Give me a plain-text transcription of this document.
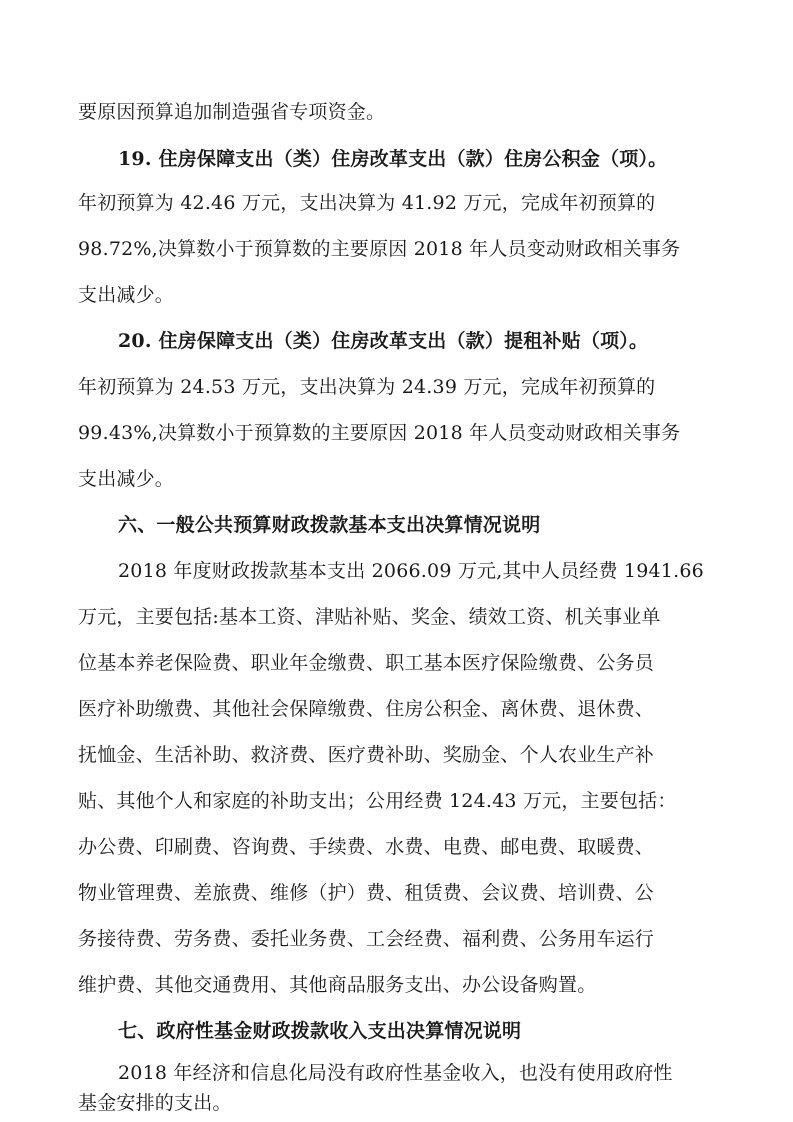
要原因预算追加制造强省专项资金。
19. 住房保障支出（类）住房改革支出（款）住房公积金（项）。
年初预算为 42.46 万元，支出决算为 41.92 万元，完成年初预算的
98.72%,决算数小于预算数的主要原因 2018 年人员变动财政相关事务
支出减少。
20. 住房保障支出（类）住房改革支出（款）提租补贴（项）。
年初预算为 24.53 万元，支出决算为 24.39 万元，完成年初预算的
99.43%,决算数小于预算数的主要原因 2018 年人员变动财政相关事务
支出减少。
六、一般公共预算财政拨款基本支出决算情况说明
2018 年度财政拨款基本支出 2066.09 万元,其中人员经费 1941.66
万元，主要包括:基本工资、津贴补贴、奖金、绩效工资、机关事业单
位基本养老保险费、职业年金缴费、职工基本医疗保险缴费、公务员
医疗补助缴费、其他社会保障缴费、住房公积金、离休费、退休费、
抚恤金、生活补助、救济费、医疗费补助、奖励金、个人农业生产补
贴、其他个人和家庭的补助支出；公用经费 124.43 万元，主要包括：
办公费、印刷费、咨询费、手续费、水费、电费、邮电费、取暖费、
物业管理费、差旅费、维修（护）费、租赁费、会议费、培训费、公
务接待费、劳务费、委托业务费、工会经费、福利费、公务用车运行
维护费、其他交通费用、其他商品服务支出、办公设备购置。
七、政府性基金财政拨款收入支出决算情况说明
2018 年经济和信息化局没有政府性基金收入，也没有使用政府性
基金安排的支出。
